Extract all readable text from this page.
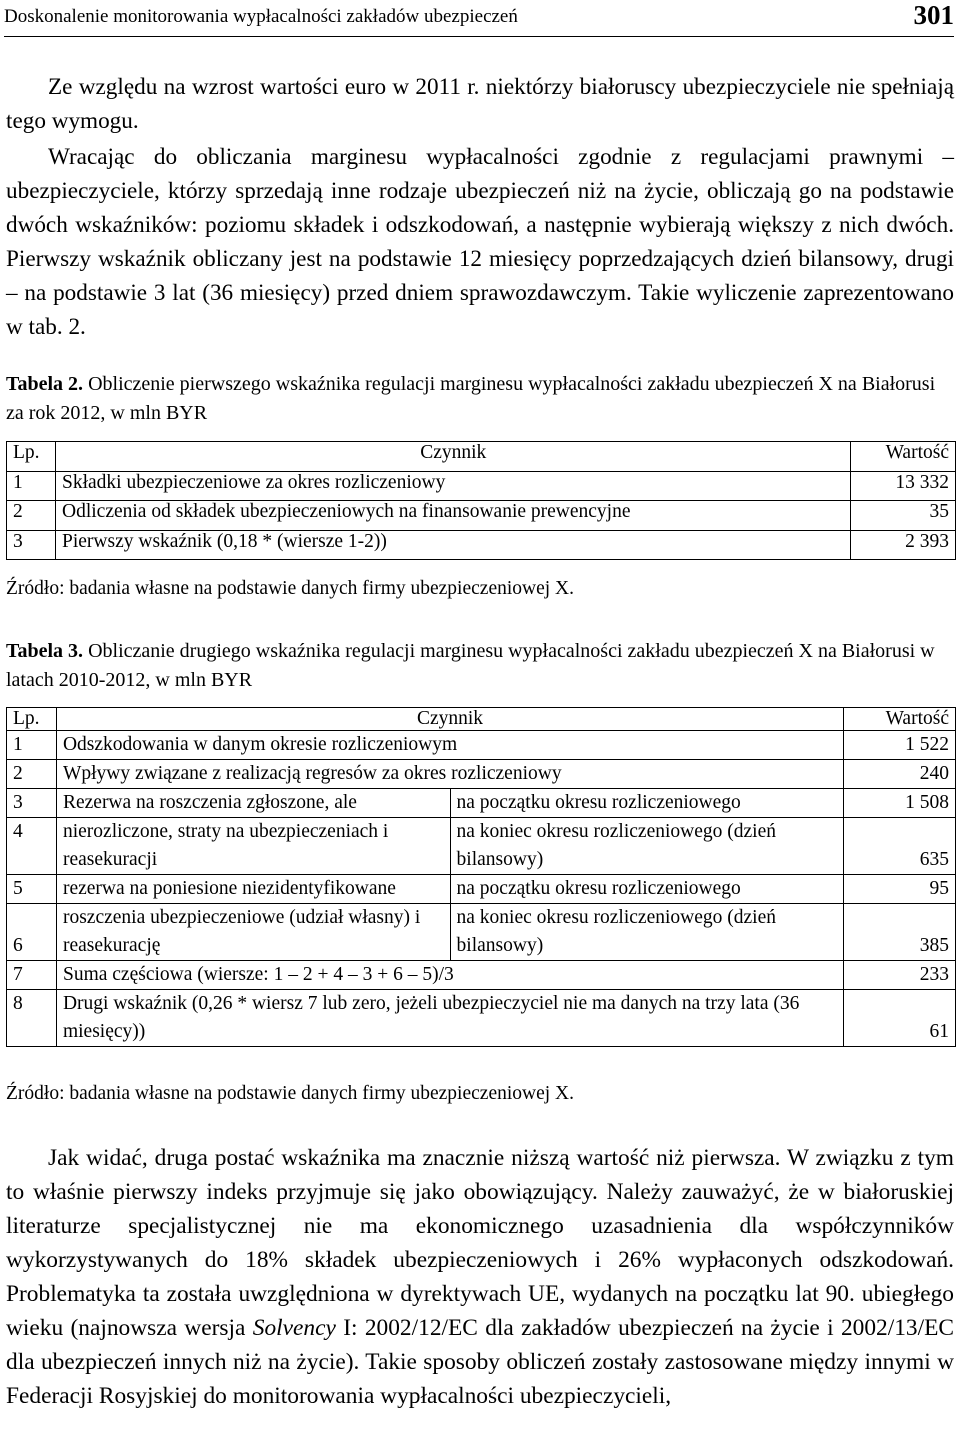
Doskonalenie monitorowania wypłacalności zakładów ubezpieczeń	301

Ze względu na wzrost wartości euro w 2011 r. niektórzy białoruscy ubezpieczyciele nie spełniają tego wymogu.

Wracając do obliczania marginesu wypłacalności zgodnie z regulacjami prawnymi – ubezpieczyciele, którzy sprzedają inne rodzaje ubezpieczeń niż na życie, obliczają go na podstawie dwóch wskaźników: poziomu składek i odszkodowań, a następnie wybierają większy z nich dwóch. Pierwszy wskaźnik obliczany jest na podstawie 12 miesięcy poprzedzających dzień bilansowy, drugi – na podstawie 3 lat (36 miesięcy) przed dniem sprawozdawczym. Takie wyliczenie zaprezentowano w tab. 2.

Tabela 2. Obliczenie pierwszego wskaźnika regulacji marginesu wypłacalności zakładu ubezpieczeń X na Białorusi za rok 2012, w mln BYR

Lp.	Czynnik	Wartość
1	Składki ubezpieczeniowe za okres rozliczeniowy	13 332
2	Odliczenia od składek ubezpieczeniowych na finansowanie prewencyjne	35
3	Pierwszy wskaźnik (0,18 * (wiersze 1-2))	2 393

Źródło: badania własne na podstawie danych firmy ubezpieczeniowej X.

Tabela 3. Obliczanie drugiego wskaźnika regulacji marginesu wypłacalności zakładu ubezpieczeń X na Białorusi w latach 2010-2012, w mln BYR

Lp.	Czynnik		Wartość
1	Odszkodowania w danym okresie rozliczeniowym		1 522
2	Wpływy związane z realizacją regresów za okres rozliczeniowy		240
3	Rezerwa na roszczenia zgłoszone, ale	na początku okresu rozliczeniowego	1 508
4	nierozliczone, straty na ubezpieczeniach i reasekuracji	na koniec okresu rozliczeniowego (dzień bilansowy)	635
5	rezerwa na poniesione niezidentyfikowane	na początku okresu rozliczeniowego	95
6	roszczenia ubezpieczeniowe (udział własny) i reasekurację	na koniec okresu rozliczeniowego (dzień bilansowy)	385
7	Suma częściowa (wiersze: 1 – 2 + 4 – 3 + 6 – 5)/3		233
8	Drugi wskaźnik (0,26 * wiersz 7 lub zero, jeżeli ubezpieczyciel nie ma danych na trzy lata (36 miesięcy))		61

Źródło: badania własne na podstawie danych firmy ubezpieczeniowej X.

Jak widać, druga postać wskaźnika ma znacznie niższą wartość niż pierwsza. W związku z tym to właśnie pierwszy indeks przyjmuje się jako obowiązujący. Należy zauważyć, że w białoruskiej literaturze specjalistycznej nie ma ekonomicznego uzasadnienia dla współczynników wykorzystywanych do 18% składek ubezpieczeniowych i 26% wypłaconych odszkodowań. Problematyka ta została uwzględniona w dyrektywach UE, wydanych na początku lat 90. ubiegłego wieku (najnowsza wersja Solvency I: 2002/12/EC dla zakładów ubezpieczeń na życie i 2002/13/EC dla ubezpieczeń innych niż na życie). Takie sposoby obliczeń zostały zastosowane między innymi w Federacji Rosyjskiej do monitorowania wypłacalności ubezpieczycieli,
